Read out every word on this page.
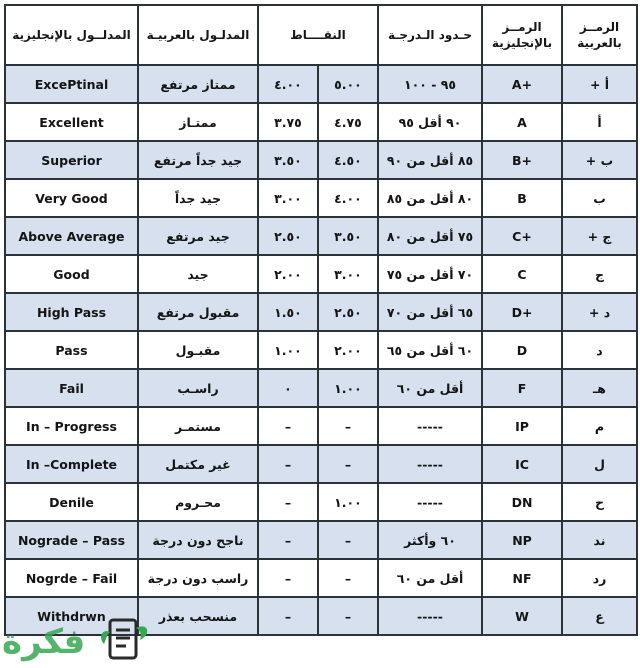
المدلــول بالإنجليزية	المدلـول بالعربيـة	النقــــاط		حـدود الـدرجـة	الرمــز بالإنجليزية	الرمــز بالعربية
ExcePtinal	ممتاز مرتفع	٤.٠٠	٥.٠٠	٩٥ - ١٠٠	A+	أ +
Excellent	ممتـاز	٣.٧٥	٤.٧٥	٩٠ أقل ٩٥	A	أ
Superior	جيد جداً مرتفع	٣.٥٠	٤.٥٠	٨٥ أقل من ٩٠	B+	ب +
Very Good	جيد جداً	٣.٠٠	٤.٠٠	٨٠ أقل من ٨٥	B	ب
Above Average	جيد مرتفع	٢.٥٠	٣.٥٠	٧٥ أقل من ٨٠	C+	ج +
Good	جيد	٢.٠٠	٣.٠٠	٧٠ أقل من ٧٥	C	ج
High Pass	مقبول مرتفع	١.٥٠	٢.٥٠	٦٥ أقل من ٧٠	D+	د +
Pass	مقبـول	١.٠٠	٢.٠٠	٦٠ أقل من ٦٥	D	د
Fail	راسـب	٠	١.٠٠	أقل من ٦٠	F	هـ
In – Progress	مستمـر	–	–	-----	IP	م
In –Complete	غير مكتمل	–	–	-----	IC	ل
Denile	محـروم	–	١.٠٠	-----	DN	ح
Nograde – Pass	ناجح دون درجة	–	–	٦٠ وأكثر	NP	ند
Nogrde – Fail	راسب دون درجة	–	–	أقل من ٦٠	NF	رد
Withdrwn	منسحب بعذر	–	–	-----	W	ع
فكرة
